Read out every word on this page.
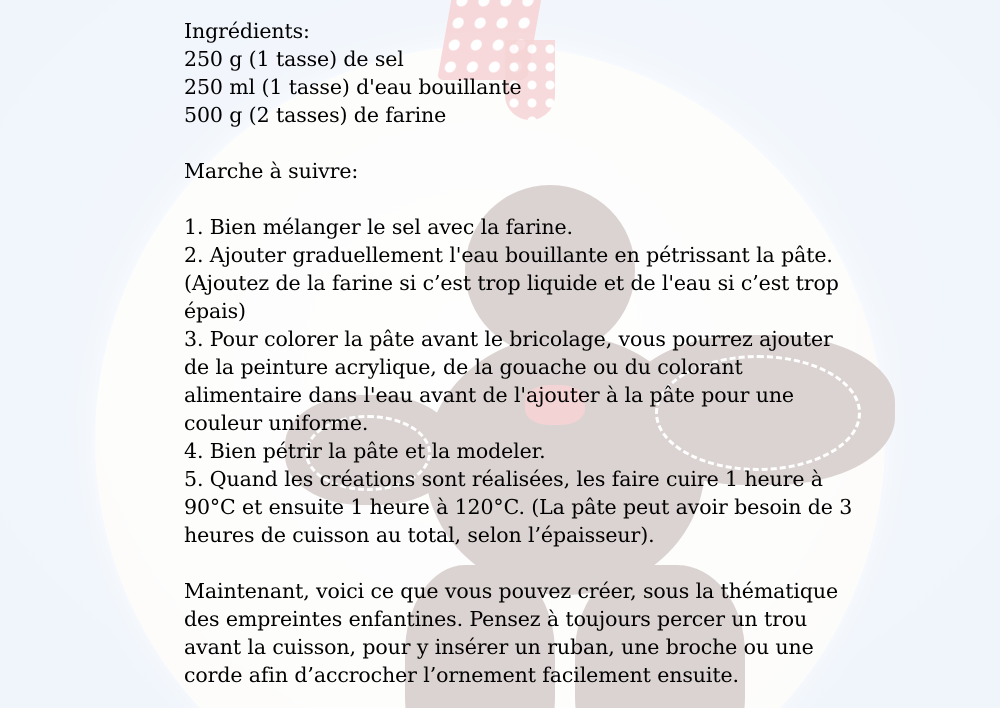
Ingrédients:
250 g (1 tasse) de sel
250 ml (1 tasse) d'eau bouillante
500 g (2 tasses) de farine
Marche à suivre:
1. Bien mélanger le sel avec la farine.
2. Ajouter graduellement l'eau bouillante en pétrissant la pâte.
(Ajoutez de la farine si c’est trop liquide et de l'eau si c’est trop
épais)
3. Pour colorer la pâte avant le bricolage, vous pourrez ajouter
de la peinture acrylique, de la gouache ou du colorant
alimentaire dans l'eau avant de l'ajouter à la pâte pour une
couleur uniforme.
4. Bien pétrir la pâte et la modeler.
5. Quand les créations sont réalisées, les faire cuire 1 heure à
90°C et ensuite 1 heure à 120°C. (La pâte peut avoir besoin de 3
heures de cuisson au total, selon l’épaisseur).
Maintenant, voici ce que vous pouvez créer, sous la thématique
des empreintes enfantines. Pensez à toujours percer un trou
avant la cuisson, pour y insérer un ruban, une broche ou une
corde afin d’accrocher l’ornement facilement ensuite.
